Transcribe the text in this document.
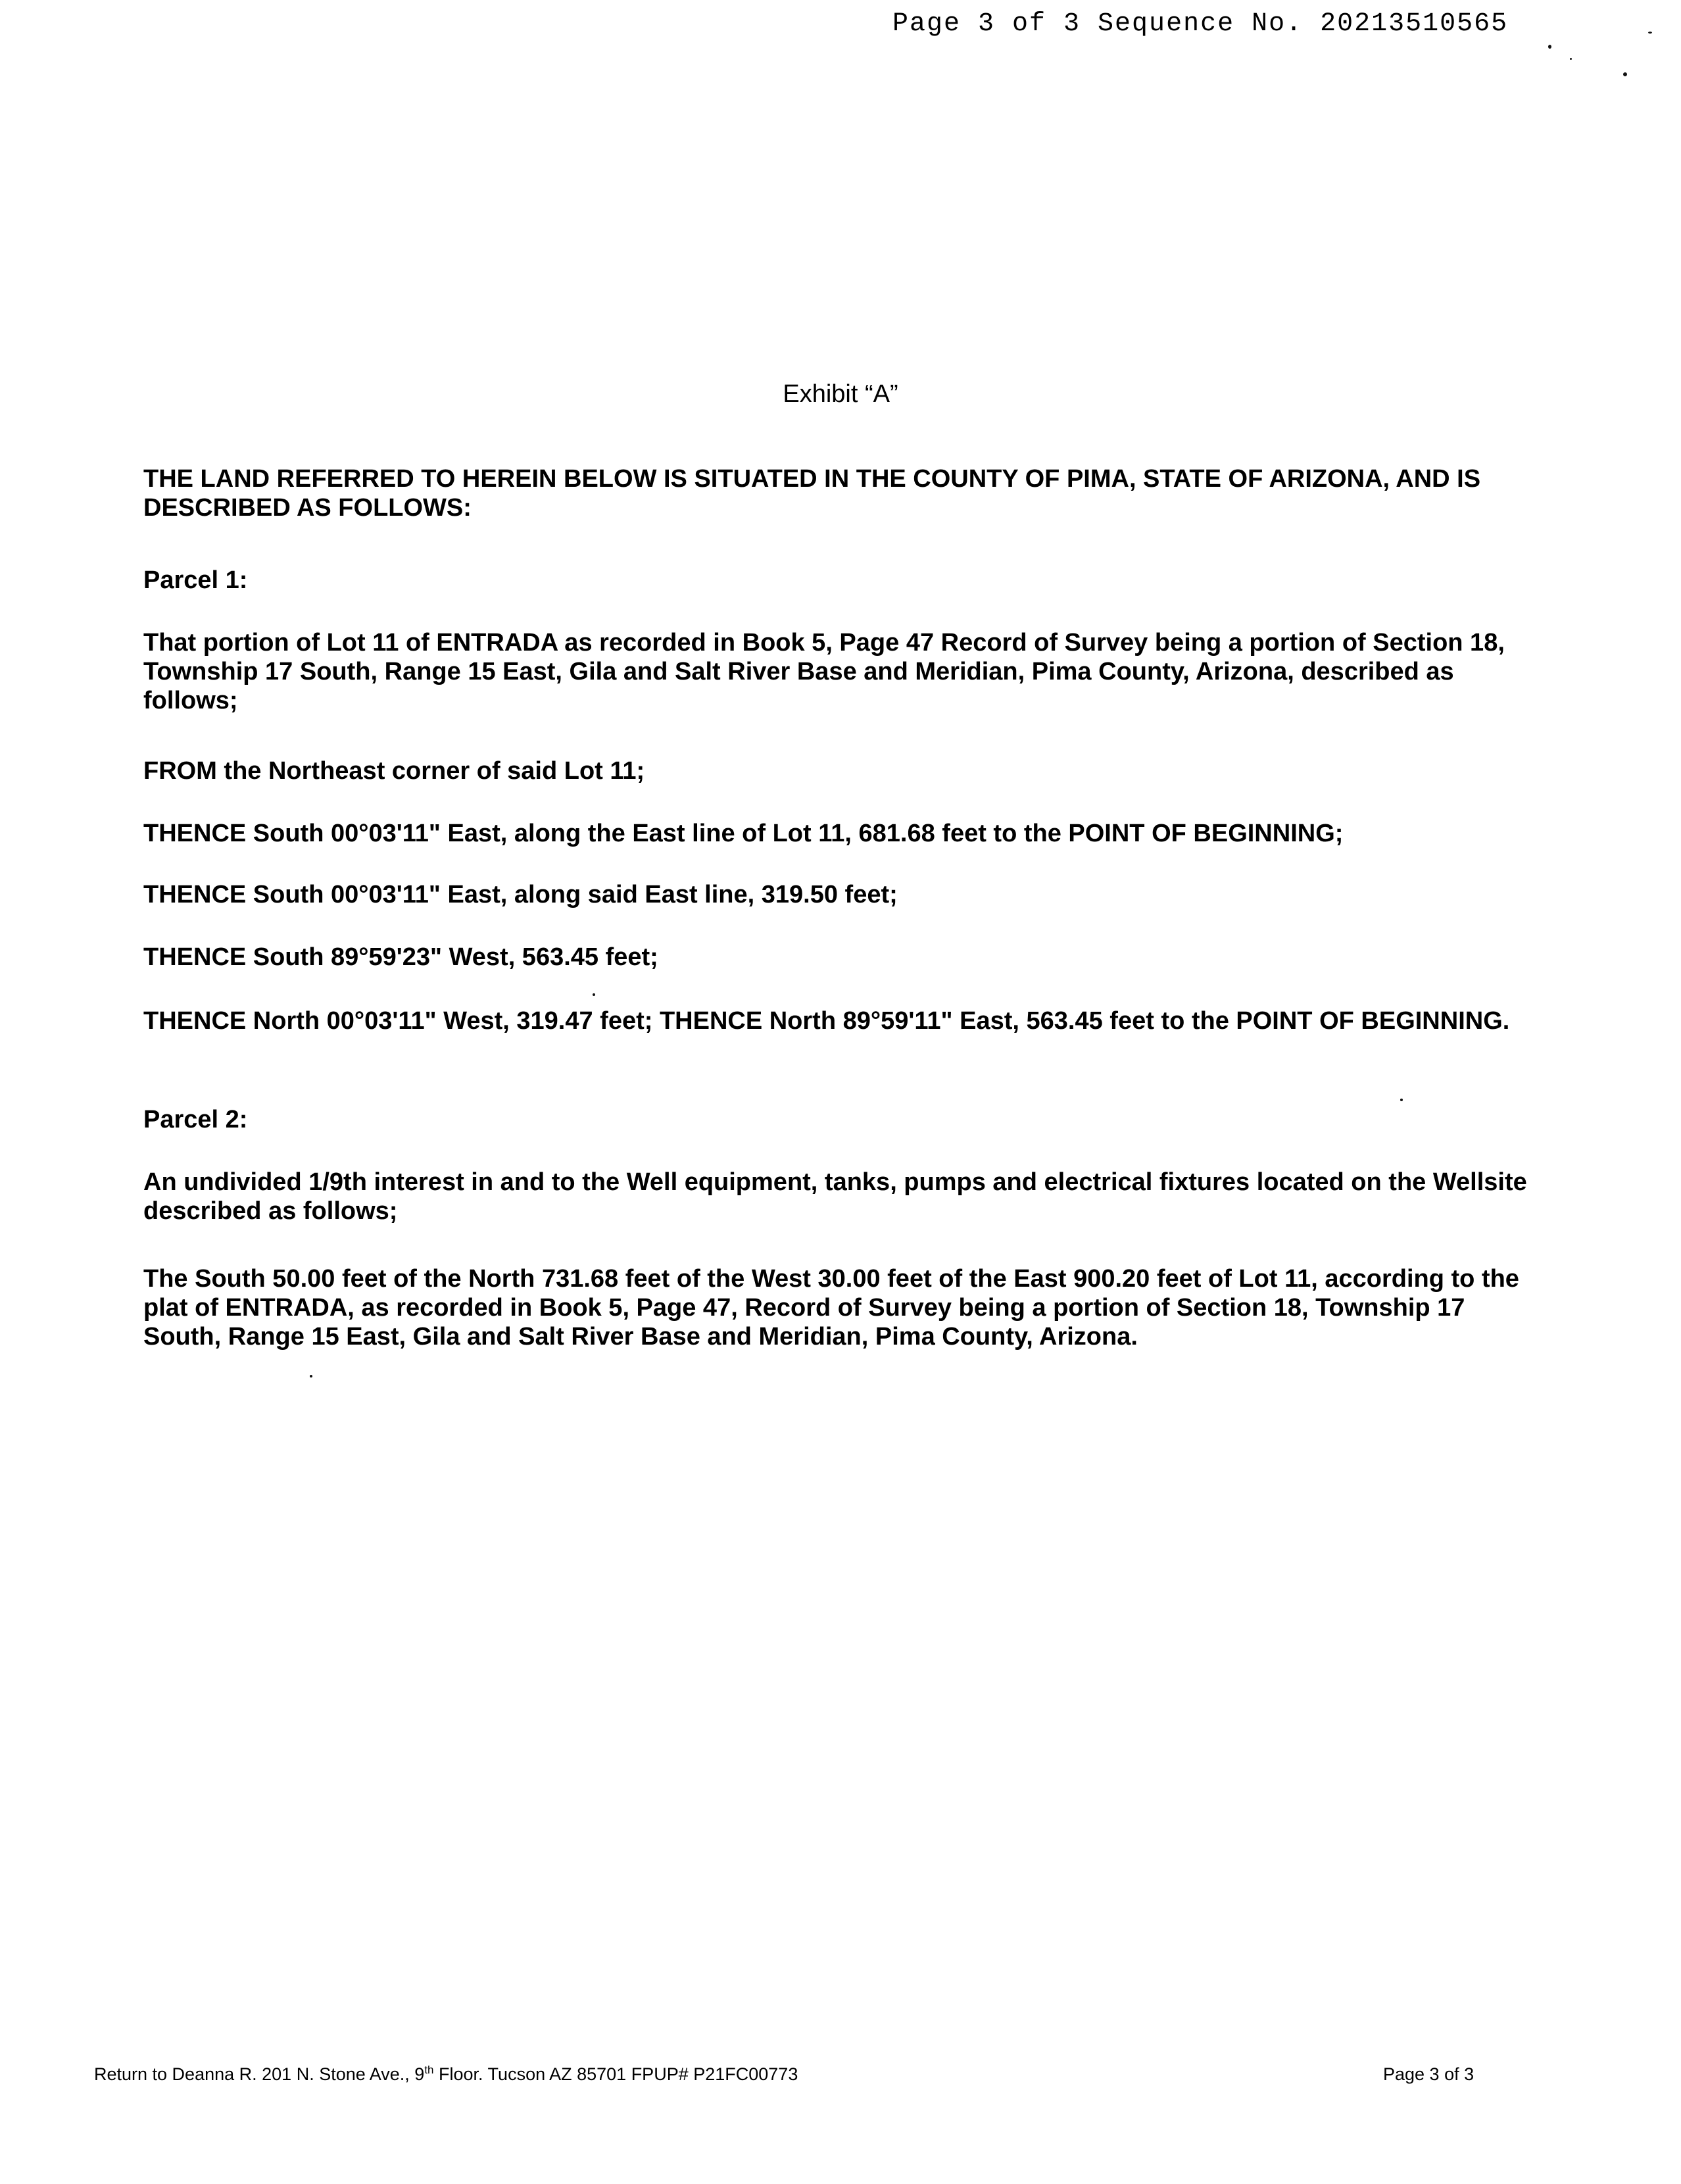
Page 3 of 3 Sequence No. 20213510565
Exhibit “A”

THE LAND REFERRED TO HEREIN BELOW IS SITUATED IN THE COUNTY OF PIMA, STATE OF ARIZONA, AND IS DESCRIBED AS FOLLOWS:

Parcel 1:

That portion of Lot 11 of ENTRADA as recorded in Book 5, Page 47 Record of Survey being a portion of Section 18, Township 17 South, Range 15 East, Gila and Salt River Base and Meridian, Pima County, Arizona, described as follows;

FROM the Northeast corner of said Lot 11;

THENCE South 00°03'11" East, along the East line of Lot 11, 681.68 feet to the POINT OF BEGINNING;

THENCE South 00°03'11" East, along said East line, 319.50 feet;

THENCE South 89°59'23" West, 563.45 feet;

THENCE North 00°03'11" West, 319.47 feet; THENCE North 89°59'11" East, 563.45 feet to the POINT OF BEGINNING.

Parcel 2:

An undivided 1/9th interest in and to the Well equipment, tanks, pumps and electrical fixtures located on the Wellsite described as follows;

The South 50.00 feet of the North 731.68 feet of the West 30.00 feet of the East 900.20 feet of Lot 11, according to the plat of ENTRADA, as recorded in Book 5, Page 47, Record of Survey being a portion of Section 18, Township 17 South, Range 15 East, Gila and Salt River Base and Meridian, Pima County, Arizona.

Return to Deanna R. 201 N. Stone Ave., 9th Floor. Tucson AZ 85701 FPUP# P21FC00773	Page 3 of 3
